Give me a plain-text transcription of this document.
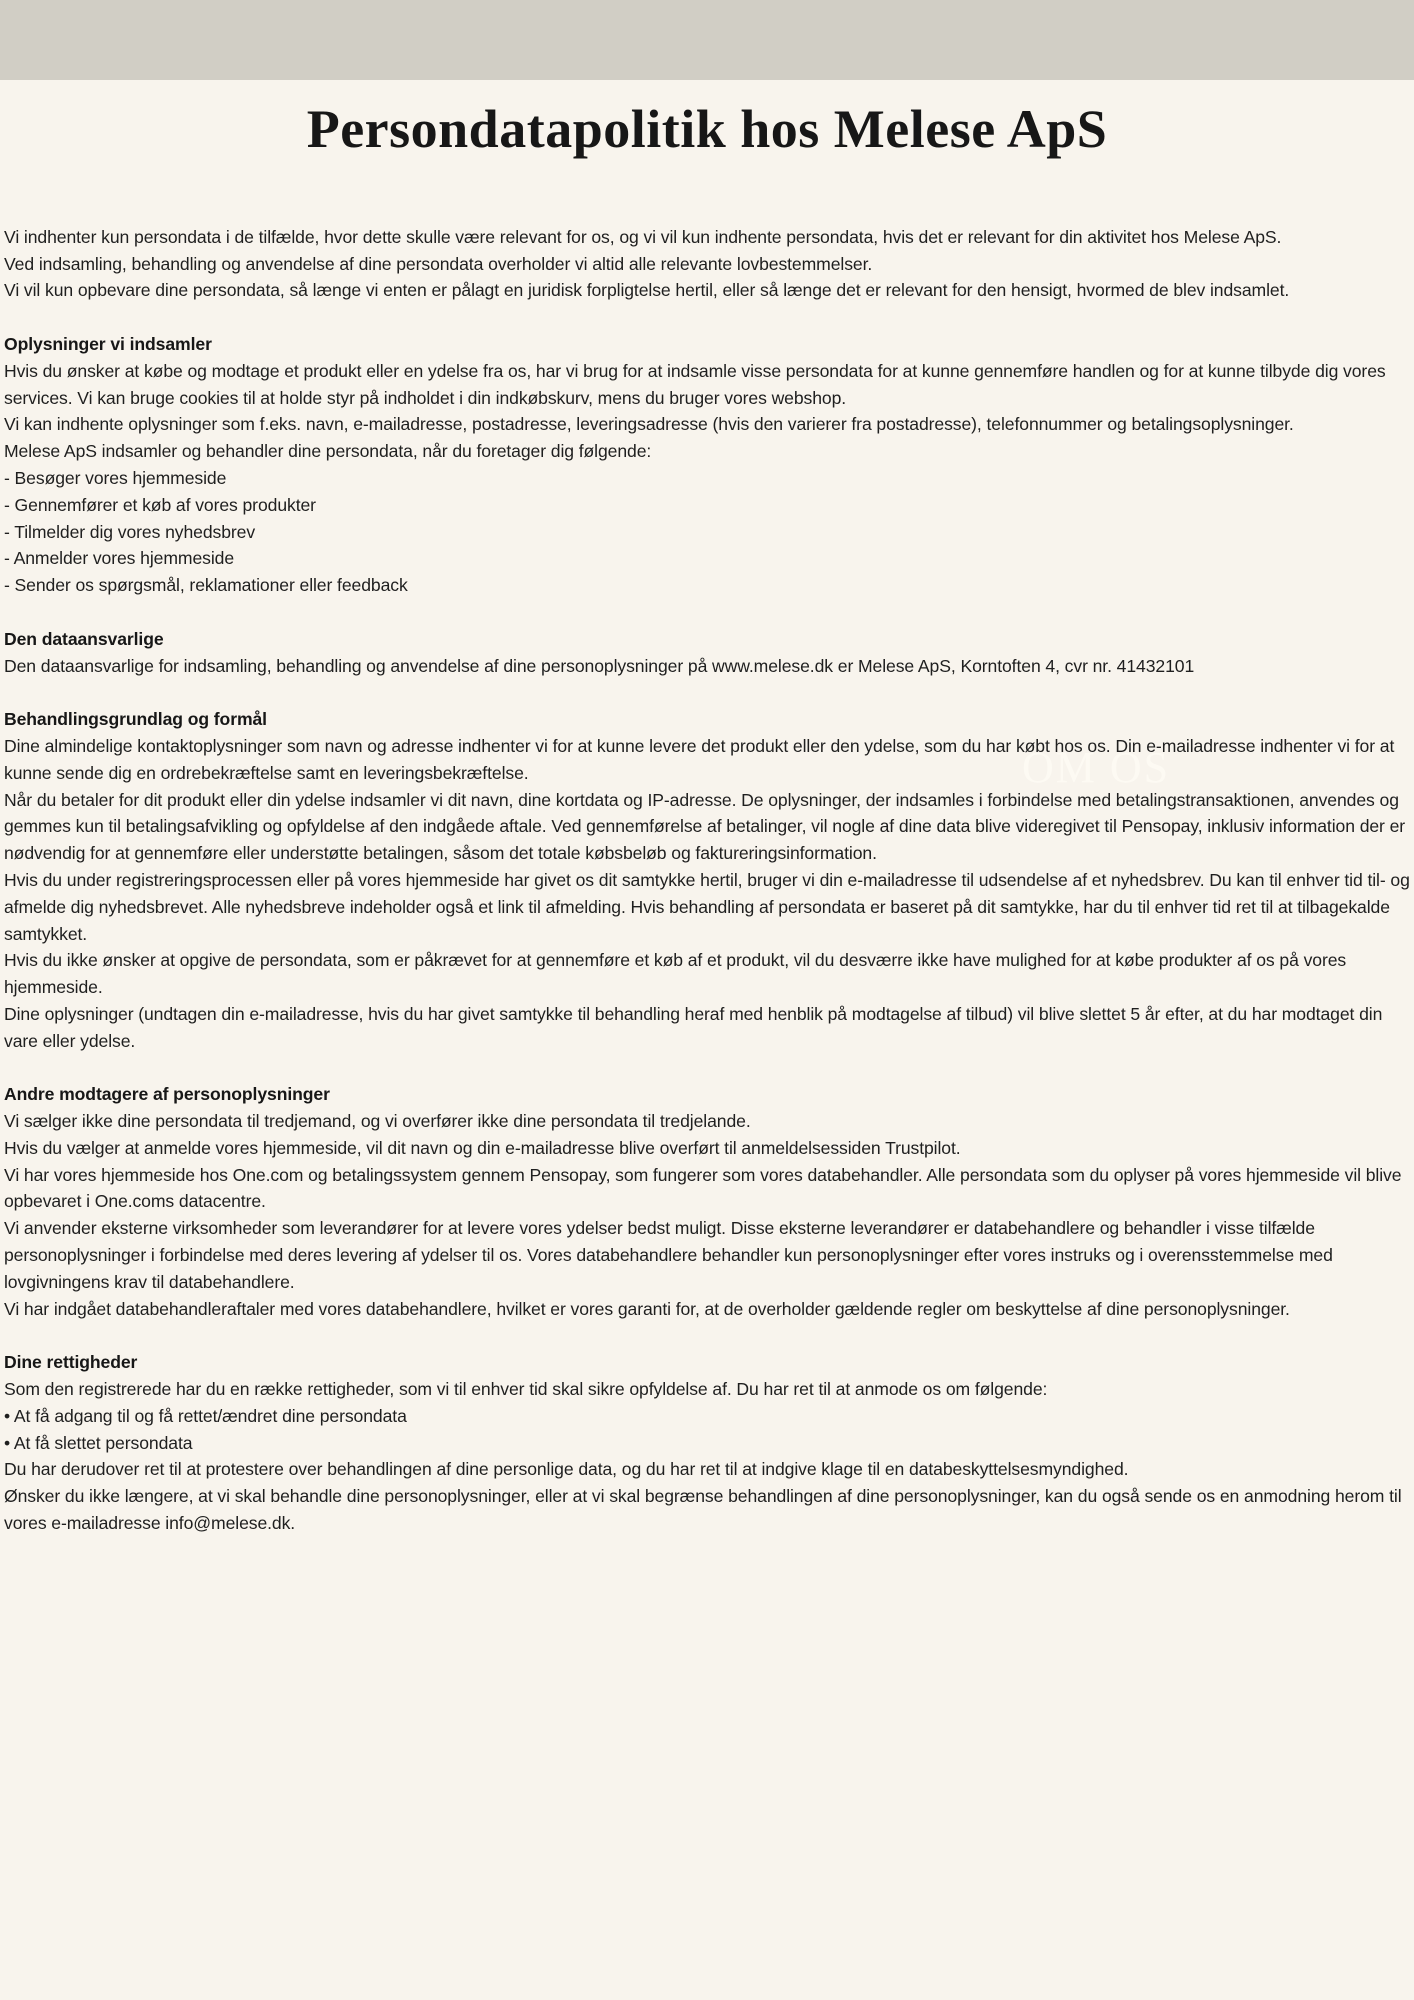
Persondatapolitik hos Melese ApS
OM OS

Vi indhenter kun persondata i de tilfælde, hvor dette skulle være relevant for os, og vi vil kun indhente persondata, hvis det er relevant for din aktivitet hos Melese ApS.

Ved indsamling, behandling og anvendelse af dine persondata overholder vi altid alle relevante lovbestemmelser.

Vi vil kun opbevare dine persondata, så længe vi enten er pålagt en juridisk forpligtelse hertil, eller så længe det er relevant for den hensigt, hvormed de blev indsamlet.

Oplysninger vi indsamler

Hvis du ønsker at købe og modtage et produkt eller en ydelse fra os, har vi brug for at indsamle visse persondata for at kunne gennemføre handlen og for at kunne tilbyde dig vores services. Vi kan bruge cookies til at holde styr på indholdet i din indkøbskurv, mens du bruger vores webshop.

Vi kan indhente oplysninger som f.eks. navn, e-mailadresse, postadresse, leveringsadresse (hvis den varierer fra postadresse), telefonnummer og betalingsoplysninger.

Melese ApS indsamler og behandler dine persondata, når du foretager dig følgende:

- Besøger vores hjemmeside

- Gennemfører et køb af vores produkter

- Tilmelder dig vores nyhedsbrev

- Anmelder vores hjemmeside

- Sender os spørgsmål, reklamationer eller feedback

Den dataansvarlige

Den dataansvarlige for indsamling, behandling og anvendelse af dine personoplysninger på www.melese.dk er Melese ApS, Korntoften 4, cvr nr. 41432101

Behandlingsgrundlag og formål

Dine almindelige kontaktoplysninger som navn og adresse indhenter vi for at kunne levere det produkt eller den ydelse, som du har købt hos os. Din e-mailadresse indhenter vi for at kunne sende dig en ordrebekræftelse samt en leveringsbekræftelse.

Når du betaler for dit produkt eller din ydelse indsamler vi dit navn, dine kortdata og IP-adresse. De oplysninger, der indsamles i forbindelse med betalingstransaktionen, anvendes og gemmes kun til betalingsafvikling og opfyldelse af den indgåede aftale. Ved gennemførelse af betalinger, vil nogle af dine data blive videregivet til Pensopay, inklusiv information der er nødvendig for at gennemføre eller understøtte betalingen, såsom det totale købsbeløb og faktureringsinformation.

Hvis du under registreringsprocessen eller på vores hjemmeside har givet os dit samtykke hertil, bruger vi din e-mailadresse til udsendelse af et nyhedsbrev. Du kan til enhver tid til- og afmelde dig nyhedsbrevet. Alle nyhedsbreve indeholder også et link til afmelding. Hvis behandling af persondata er baseret på dit samtykke, har du til enhver tid ret til at tilbagekalde samtykket.

Hvis du ikke ønsker at opgive de persondata, som er påkrævet for at gennemføre et køb af et produkt, vil du desværre ikke have mulighed for at købe produkter af os på vores hjemmeside.

Dine oplysninger (undtagen din e-mailadresse, hvis du har givet samtykke til behandling heraf med henblik på modtagelse af tilbud) vil blive slettet 5 år efter, at du har modtaget din vare eller ydelse.

Andre modtagere af personoplysninger

Vi sælger ikke dine persondata til tredjemand, og vi overfører ikke dine persondata til tredjelande.

Hvis du vælger at anmelde vores hjemmeside, vil dit navn og din e-mailadresse blive overført til anmeldelsessiden Trustpilot.

Vi har vores hjemmeside hos One.com og betalingssystem gennem Pensopay, som fungerer som vores databehandler. Alle persondata som du oplyser på vores hjemmeside vil blive opbevaret i One.coms datacentre.

Vi anvender eksterne virksomheder som leverandører for at levere vores ydelser bedst muligt. Disse eksterne leverandører er databehandlere og behandler i visse tilfælde personoplysninger i forbindelse med deres levering af ydelser til os. Vores databehandlere behandler kun personoplysninger efter vores instruks og i overensstemmelse med lovgivningens krav til databehandlere.

Vi har indgået databehandleraftaler med vores databehandlere, hvilket er vores garanti for, at de overholder gældende regler om beskyttelse af dine personoplysninger.

Dine rettigheder

Som den registrerede har du en række rettigheder, som vi til enhver tid skal sikre opfyldelse af. Du har ret til at anmode os om følgende:

• At få adgang til og få rettet/ændret dine persondata

• At få slettet persondata

Du har derudover ret til at protestere over behandlingen af dine personlige data, og du har ret til at indgive klage til en databeskyttelsesmyndighed.

Ønsker du ikke længere, at vi skal behandle dine personoplysninger, eller at vi skal begrænse behandlingen af dine personoplysninger, kan du også sende os en anmodning herom til vores e-mailadresse info@melese.dk.
